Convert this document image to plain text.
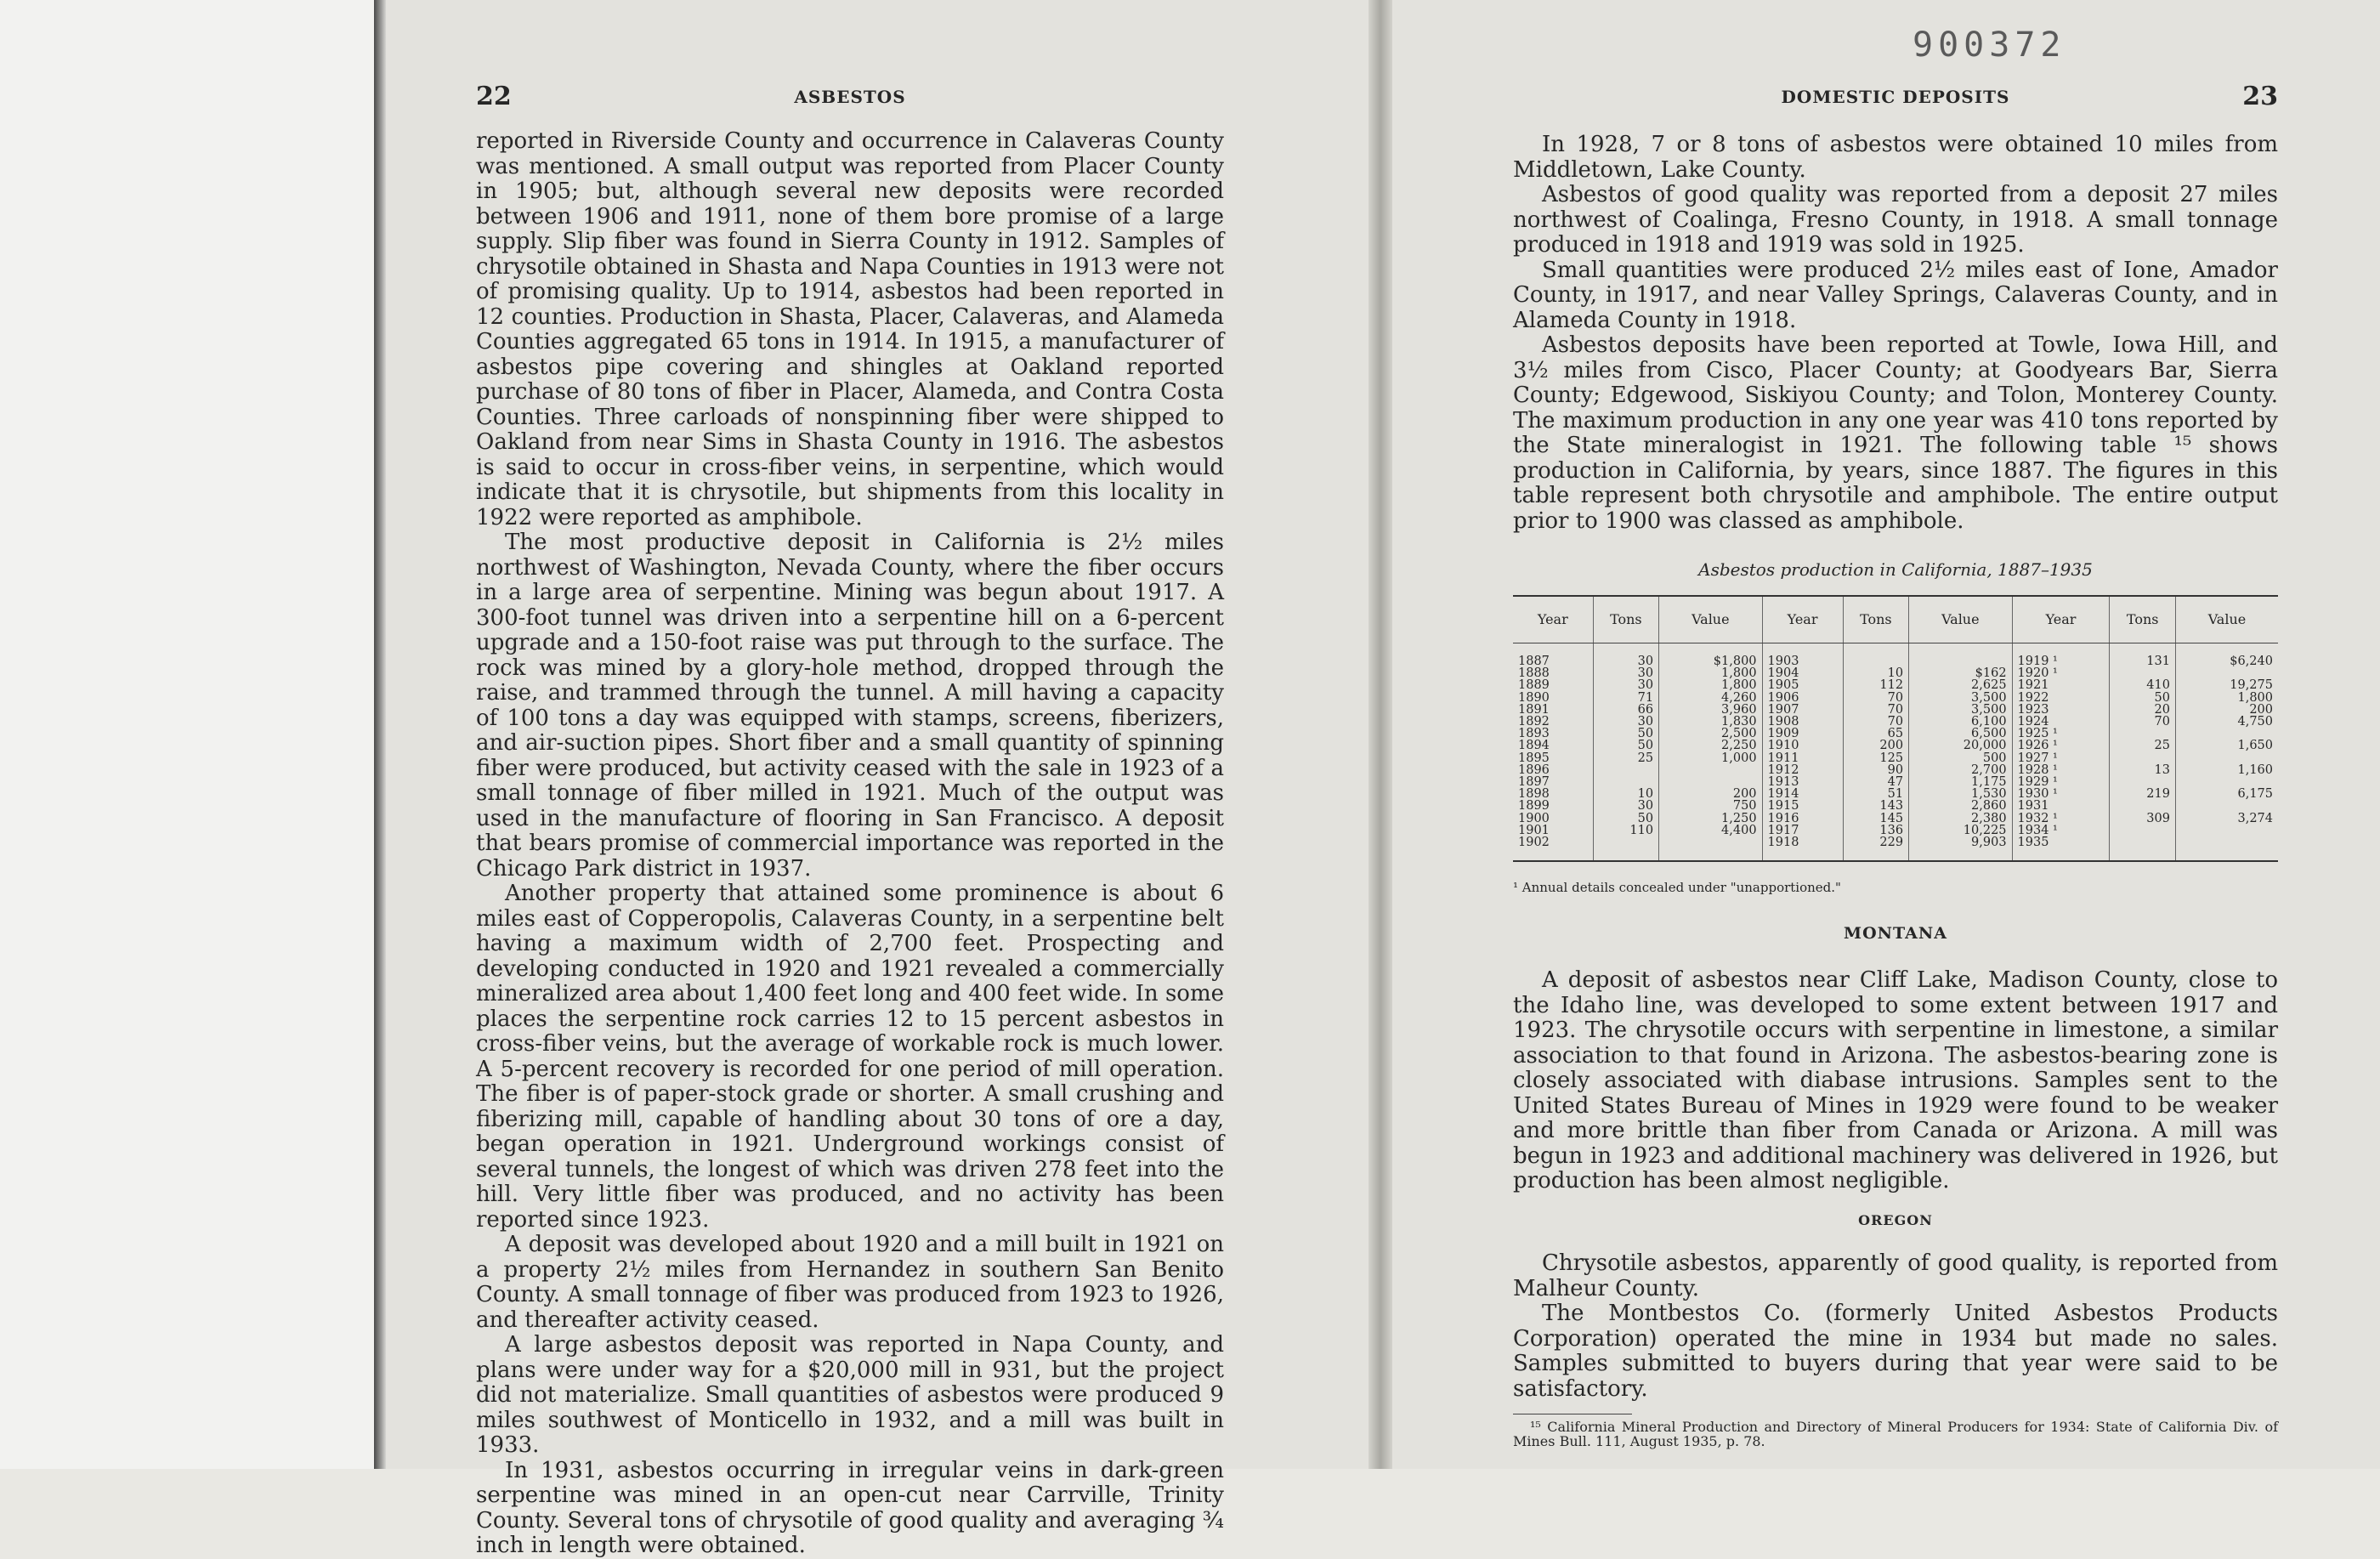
900372
22	ASBESTOS

reported in Riverside County and occurrence in Calaveras County was mentioned. A small output was reported from Placer County in 1905; but, although several new deposits were recorded between 1906 and 1911, none of them bore promise of a large supply. Slip fiber was found in Sierra County in 1912. Samples of chrysotile obtained in Shasta and Napa Counties in 1913 were not of promising quality. Up to 1914, asbestos had been reported in 12 counties. Production in Shasta, Placer, Calaveras, and Alameda Counties aggregated 65 tons in 1914. In 1915, a manufacturer of asbestos pipe covering and shingles at Oakland reported purchase of 80 tons of fiber in Placer, Alameda, and Contra Costa Counties. Three carloads of nonspinning fiber were shipped to Oakland from near Sims in Shasta County in 1916. The asbestos is said to occur in cross-fiber veins, in serpentine, which would indicate that it is chrysotile, but shipments from this locality in 1922 were reported as amphibole.

The most productive deposit in California is 2½ miles northwest of Washington, Nevada County, where the fiber occurs in a large area of serpentine. Mining was begun about 1917. A 300-foot tunnel was driven into a serpentine hill on a 6-percent upgrade and a 150-foot raise was put through to the surface. The rock was mined by a glory-hole method, dropped through the raise, and trammed through the tunnel. A mill having a capacity of 100 tons a day was equipped with stamps, screens, fiberizers, and air-suction pipes. Short fiber and a small quantity of spinning fiber were produced, but activity ceased with the sale in 1923 of a small tonnage of fiber milled in 1921. Much of the output was used in the manufacture of flooring in San Francisco. A deposit that bears promise of commercial importance was reported in the Chicago Park district in 1937.

Another property that attained some prominence is about 6 miles east of Copperopolis, Calaveras County, in a serpentine belt having a maximum width of 2,700 feet. Prospecting and developing conducted in 1920 and 1921 revealed a commercially mineralized area about 1,400 feet long and 400 feet wide. In some places the serpentine rock carries 12 to 15 percent asbestos in cross-fiber veins, but the average of workable rock is much lower. A 5-percent recovery is recorded for one period of mill operation. The fiber is of paper-stock grade or shorter. A small crushing and fiberizing mill, capable of handling about 30 tons of ore a day, began operation in 1921. Underground workings consist of several tunnels, the longest of which was driven 278 feet into the hill. Very little fiber was produced, and no activity has been reported since 1923.

A deposit was developed about 1920 and a mill built in 1921 on a property 2½ miles from Hernandez in southern San Benito County. A small tonnage of fiber was produced from 1923 to 1926, and thereafter activity ceased.

A large asbestos deposit was reported in Napa County, and plans were under way for a $20,000 mill in 931, but the project did not materialize. Small quantities of asbestos were produced 9 miles southwest of Monticello in 1932, and a mill was built in 1933.

In 1931, asbestos occurring in irregular veins in dark-green serpentine was mined in an open-cut near Carrville, Trinity County. Several tons of chrysotile of good quality and averaging ¾ inch in length were obtained.

DOMESTIC DEPOSITS	23

In 1928, 7 or 8 tons of asbestos were obtained 10 miles from Middletown, Lake County.

Asbestos of good quality was reported from a deposit 27 miles northwest of Coalinga, Fresno County, in 1918. A small tonnage produced in 1918 and 1919 was sold in 1925.

Small quantities were produced 2½ miles east of Ione, Amador County, in 1917, and near Valley Springs, Calaveras County, and in Alameda County in 1918.

Asbestos deposits have been reported at Towle, Iowa Hill, and 3½ miles from Cisco, Placer County; at Goodyears Bar, Sierra County; Edgewood, Siskiyou County; and Tolon, Monterey County. The maximum production in any one year was 410 tons reported by the State mineralogist in 1921. The following table ¹⁵ shows production in California, by years, since 1887. The figures in this table represent both chrysotile and amphibole. The entire output prior to 1900 was classed as amphibole.

Asbestos production in California, 1887–1935
Year	Tons	Value	Year	Tons	Value	Year	Tons	Value
1887	30	$1,800	1903			1919 ¹	131	$6,240
1888	30	1,800	1904	10	$162	1920 ¹		
1889	30	1,800	1905	112	2,625	1921	410	19,275
1890	71	4,260	1906	70	3,500	1922	50	1,800
1891	66	3,960	1907	70	3,500	1923	20	200
1892	30	1,830	1908	70	6,100	1924	70	4,750
1893	50	2,500	1909	65	6,500	1925 ¹		
1894	50	2,250	1910	200	20,000	1926 ¹	25	1,650
1895	25	1,000	1911	125	500	1927 ¹		
1896			1912	90	2,700	1928 ¹	13	1,160
1897			1913	47	1,175	1929 ¹		
1898	10	200	1914	51	1,530	1930 ¹	219	6,175
1899	30	750	1915	143	2,860	1931		
1900	50	1,250	1916	145	2,380	1932 ¹	309	3,274
1901	110	4,400	1917	136	10,225	1934 ¹		
1902			1918	229	9,903	1935		
¹ Annual details concealed under "unapportioned."
MONTANA

A deposit of asbestos near Cliff Lake, Madison County, close to the Idaho line, was developed to some extent between 1917 and 1923. The chrysotile occurs with serpentine in limestone, a similar association to that found in Arizona. The asbestos-bearing zone is closely associated with diabase intrusions. Samples sent to the United States Bureau of Mines in 1929 were found to be weaker and more brittle than fiber from Canada or Arizona. A mill was begun in 1923 and additional machinery was delivered in 1926, but production has been almost negligible.

OREGON

Chrysotile asbestos, apparently of good quality, is reported from Malheur County.

The Montbestos Co. (formerly United Asbestos Products Corporation) operated the mine in 1934 but made no sales. Samples submitted to buyers during that year were said to be satisfactory.

¹⁵ California Mineral Production and Directory of Mineral Producers for 1934: State of California Div. of Mines Bull. 111, August 1935, p. 78.
